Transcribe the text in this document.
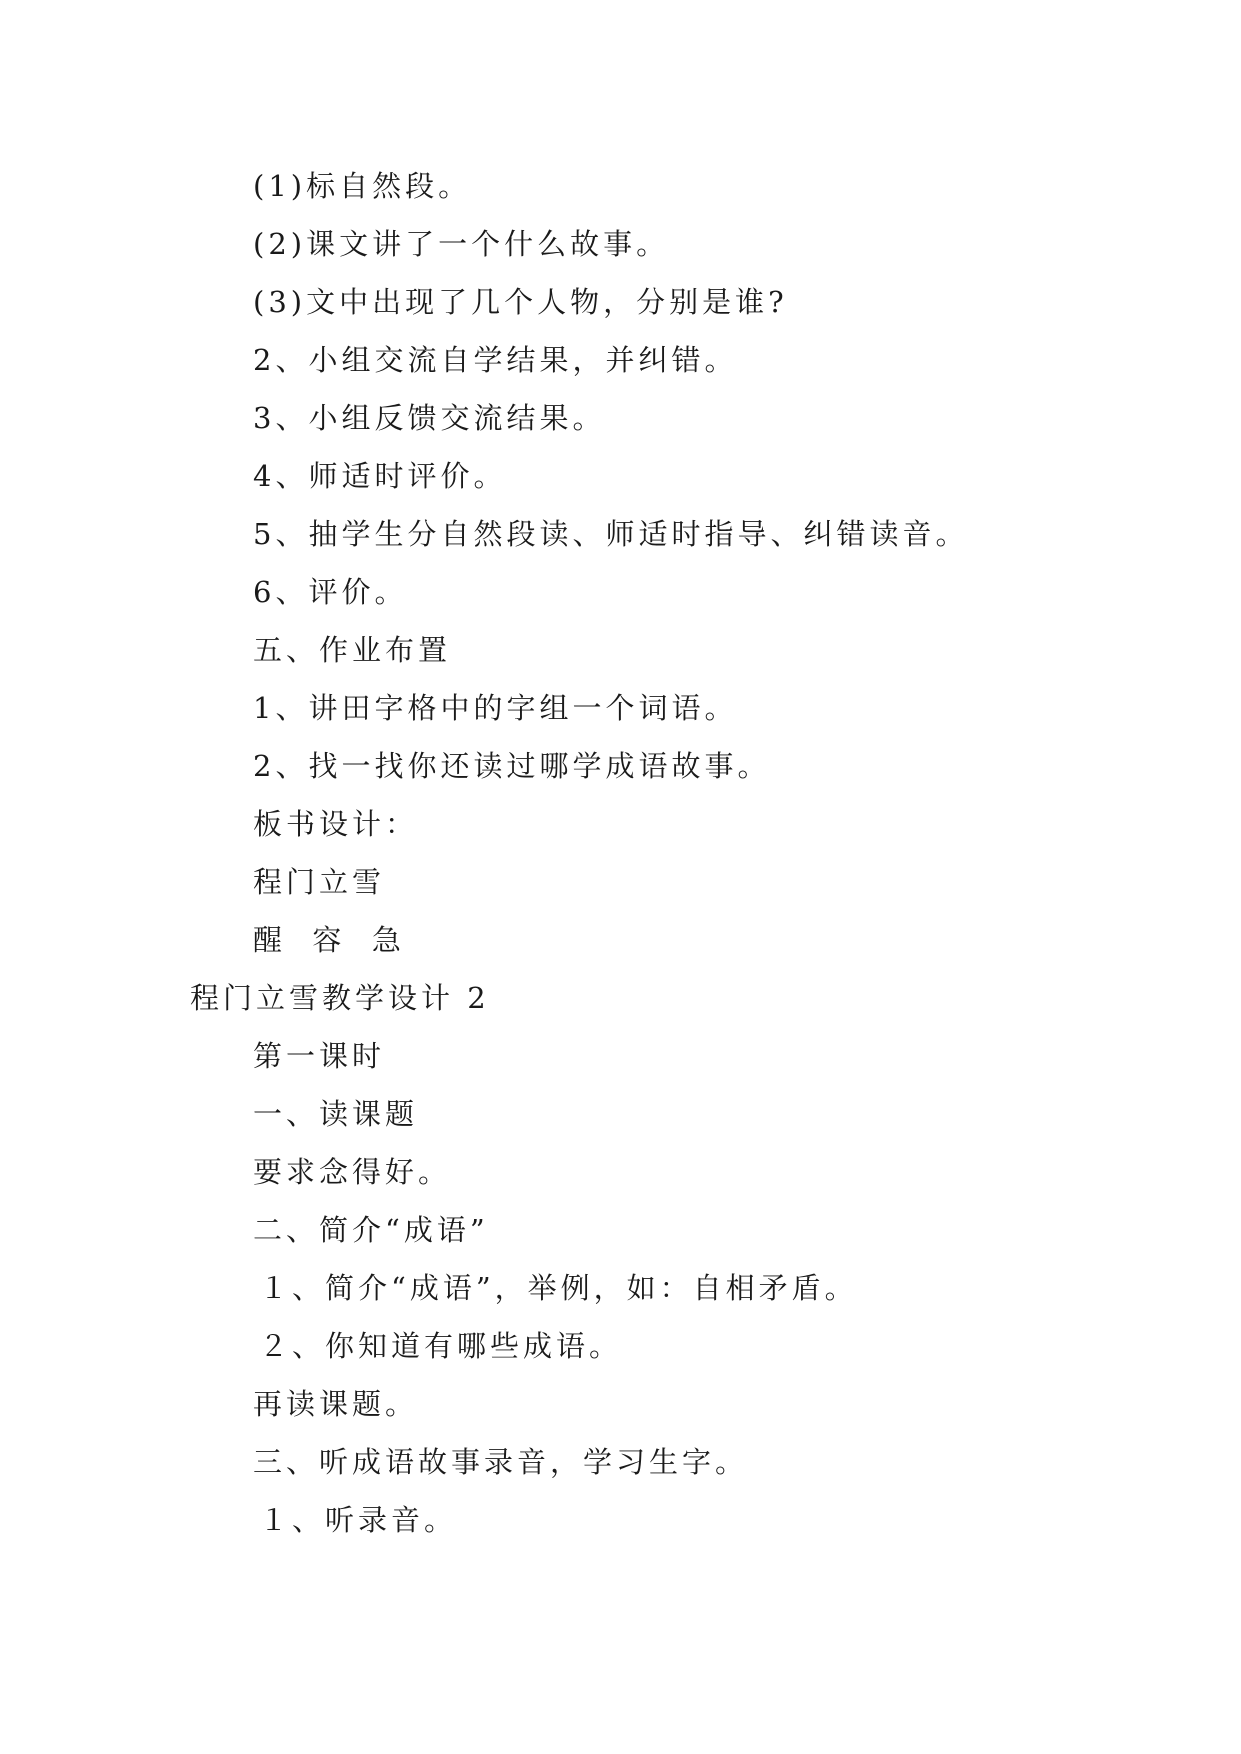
(1)标自然段。
(2)课文讲了一个什么故事。
(3)文中出现了几个人物，分别是谁?
2、小组交流自学结果，并纠错。
3、小组反馈交流结果。
4、师适时评价。
5、抽学生分自然段读、师适时指导、纠错读音。
6、评价。
五、作业布置
1、讲田字格中的字组一个词语。
2、找一找你还读过哪学成语故事。
板书设计：
程门立雪
醒  容  急
程门立雪教学设计 2
第一课时
一、读课题
要求念得好。
二、简介“成语”
１、简介“成语”，举例，如：自相矛盾。
２、你知道有哪些成语。
再读课题。
三、听成语故事录音，学习生字。
１、听录音。
